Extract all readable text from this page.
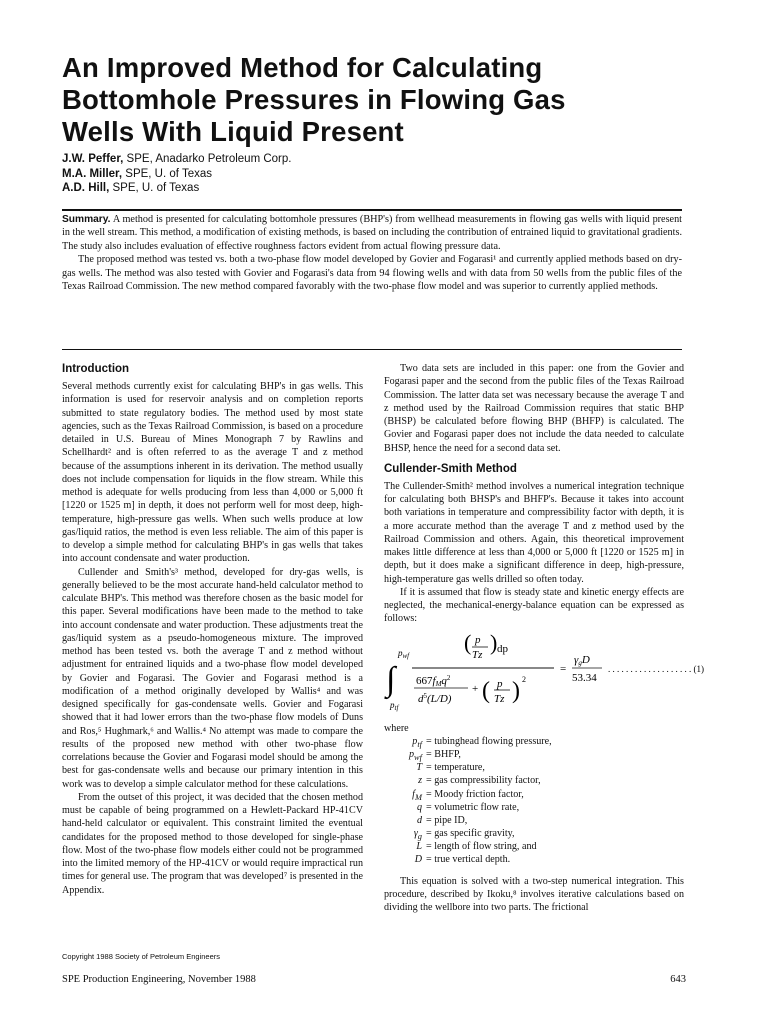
An Improved Method for Calculating
Bottomhole Pressures in Flowing Gas
Wells With Liquid Present
J.W. Peffer, SPE, Anadarko Petroleum Corp.
M.A. Miller, SPE, U. of Texas
A.D. Hill, SPE, U. of Texas

Summary. A method is presented for calculating bottomhole pressures (BHP's) from wellhead measurements in flowing gas wells with liquid present in the well stream. This method, a modification of existing methods, is based on including the contribution of entrained liquid to gravitational gradients. The study also includes evaluation of effective roughness factors evident from actual flowing pressure data.

The proposed method was tested vs. both a two-phase flow model developed by Govier and Fogarasi¹ and currently applied methods based on dry-gas wells. The method was also tested with Govier and Fogarasi's data from 94 flowing wells and with data from 50 wells from the public files of the Texas Railroad Commission. The new method compared favorably with the two-phase flow model and was superior to currently applied methods.

Introduction

Several methods currently exist for calculating BHP's in gas wells. This information is used for reservoir analysis and on completion reports submitted to state regulatory bodies. The method used by most state agencies, such as the Texas Railroad Commission, is based on a procedure detailed in U.S. Bureau of Mines Monograph 7 by Rawlins and Schellhardt² and is often referred to as the average T and z method because of the assumptions inherent in its derivation. The method usually does not include compensation for liquids in the flow stream. While this method is adequate for wells producing from less than 4,000 or 5,000 ft [1220 or 1525 m] in depth, it does not perform well for most deep, high-temperature, high-pressure gas wells. When such wells produce at low gas/liquid ratios, the method is even less reliable. The aim of this paper is to develop a simple method for calculating BHP's in gas wells that takes into account condensate and water production.

Cullender and Smith's³ method, developed for dry-gas wells, is generally believed to be the most accurate hand-held calculator method to calculate BHP's. This method was therefore chosen as the basic model for this paper. Several modifications have been made to the method to take into account condensate and water production. These adjustments treat the gas/liquid system as a pseudo-homogeneous mixture. The improved method has been tested vs. both the average T and z method without adjustment for entrained liquids and a two-phase flow model developed by Govier and Fogarasi. The Govier and Fogarasi method is a modification of a method originally developed by Wallis⁴ and was designed specifically for gas-condensate wells. Govier and Fogarasi showed that it had lower errors than the two-phase flow models of Duns and Ros,⁵ Hughmark,⁶ and Wallis.⁴ No attempt was made to compare the results of the proposed new method with other two-phase flow correlations because the Govier and Fogarasi model should be among the best for gas-condensate wells and because our primary intention in this work was to develop a simple calculator method for these calculations.

From the outset of this project, it was decided that the chosen method must be capable of being programmed on a Hewlett-Packard HP-41CV hand-held calculator or equivalent. This constraint limited the eventual candidates for the proposed method to those developed for single-phase flow. Most of the two-phase flow models either could not be programmed into the limited memory of the HP-41CV or would require impractical run times for general use. The program that was developed⁷ is presented in the Appendix.

Two data sets are included in this paper: one from the Govier and Fogarasi paper and the second from the public files of the Texas Railroad Commission. The latter data set was necessary because the average T and z method used by the Railroad Commission requires that static BHP (BHSP) be calculated before flowing BHP (BHFP) is calculated. The Govier and Fogarasi paper does not include the data needed to calculate BHSP, hence the need for a second data set.

Cullender-Smith Method

The Cullender-Smith² method involves a numerical integration technique for calculating both BHSP's and BHFP's. Because it takes into account both variations in temperature and compressibility factor with depth, it is a more accurate method than the average T and z method used by the Railroad Commission and others. Again, this theoretical improvement makes little difference at less than 4,000 or 5,000 ft [1220 or 1525 m] in depth, but it does make a significant difference in deep, high-pressure, high-temperature gas wells drilled so often today.

If it is assumed that flow is steady state and kinetic energy effects are neglected, the mechanical-energy-balance equation can be expressed as follows:

∫
$p_{wf}$
$p_{tf}$
( p
Tz ) dp
667fMq$^2$
$d^5(L/D)$
+ ( p
Tz ) 2
=
γgD
53.34
. . . . . . . . . . . . . . . . . . . (1)

where

$p_{tf}$ = tubinghead flowing pressure,
$p_{wf}$ = BHFP,
T = temperature,
z = gas compressibility factor,
$f_M$ = Moody friction factor,
q = volumetric flow rate,
d = pipe ID,
$\gamma_g$ = gas specific gravity,
L = length of flow string, and
D = true vertical depth.

This equation is solved with a two-step numerical integration. This procedure, described by Ikoku,⁸ involves iterative calculations based on dividing the wellbore into two parts. The frictional

Copyright 1988 Society of Petroleum Engineers
SPE Production Engineering, November 1988	643
